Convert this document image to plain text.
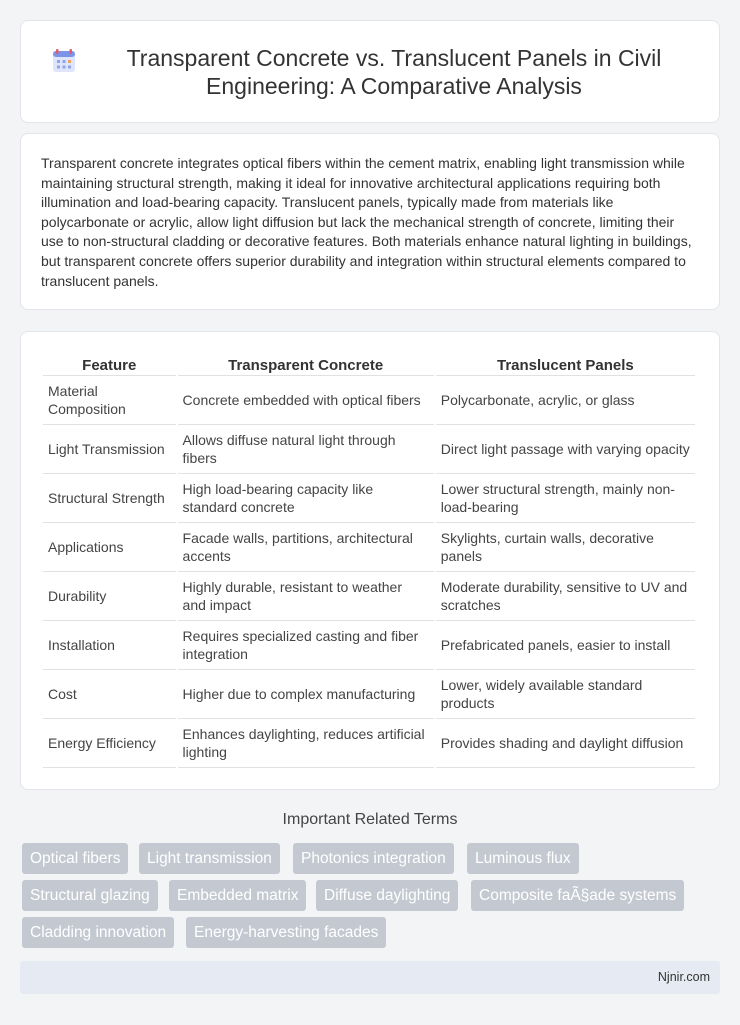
Transparent Concrete vs. Translucent Panels in Civil Engineering: A Comparative Analysis

Transparent concrete integrates optical fibers within the cement matrix, enabling light transmission while maintaining structural strength, making it ideal for innovative architectural applications requiring both illumination and load-bearing capacity. Translucent panels, typically made from materials like polycarbonate or acrylic, allow light diffusion but lack the mechanical strength of concrete, limiting their use to non-structural cladding or decorative features. Both materials enhance natural lighting in buildings, but transparent concrete offers superior durability and integration within structural elements compared to translucent panels.

Feature	Transparent Concrete	Translucent Panels
Material Composition	Concrete embedded with optical fibers	Polycarbonate, acrylic, or glass
Light Transmission	Allows diffuse natural light through fibers	Direct light passage with varying opacity
Structural Strength	High load-bearing capacity like standard concrete	Lower structural strength, mainly non-load-bearing
Applications	Facade walls, partitions, architectural accents	Skylights, curtain walls, decorative panels
Durability	Highly durable, resistant to weather and impact	Moderate durability, sensitive to UV and scratches
Installation	Requires specialized casting and fiber integration	Prefabricated panels, easier to install
Cost	Higher due to complex manufacturing	Lower, widely available standard products
Energy Efficiency	Enhances daylighting, reduces artificial lighting	Provides shading and daylight diffusion
Important Related Terms
Optical fibers	Light transmission	Photonics integration	Luminous flux
Structural glazing	Embedded matrix	Diffuse daylighting	Composite faÃ§ade systems
Cladding innovation	Energy-harvesting facades
Njnir.com
